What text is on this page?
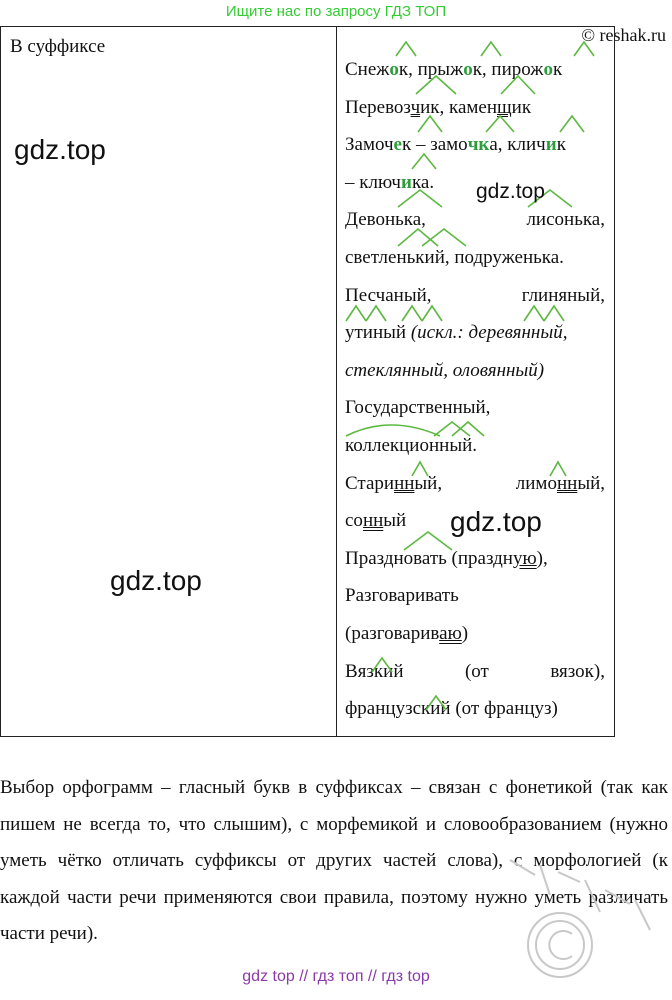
Ищите нас по запросу ГДЗ ТОП
© reshak.ru
В суффиксе
Снежок, прыжок, пирожок
Перевозчик, каменщик
Замочек – замочка, кличик
– ключика.
Девонька,	лисонька,
светленький, подруженька.
Песчаный,	глиняный,
утиный (искл.: деревянный,
стеклянный, оловянный)
Государственный,
коллекционный.
Старинный,	лимонный,
сонный
Праздновать (праздную),
Разговаривать
(разговариваю)
Вязкий	(от	вязок),
французский (от француз)
gdz.top
gdz.top
gdz.top
gdz.top

Выбор орфограмм – гласный букв в суффиксах – связан с фонетикой (так как пишем не всегда то, что слышим), с морфемикой и словообразованием (нужно уметь чётко отличать суффиксы от других частей слова), с морфологией (к каждой части речи применяются свои правила, поэтому нужно уметь различать части речи).

gdz top // гдз топ // гдз top
